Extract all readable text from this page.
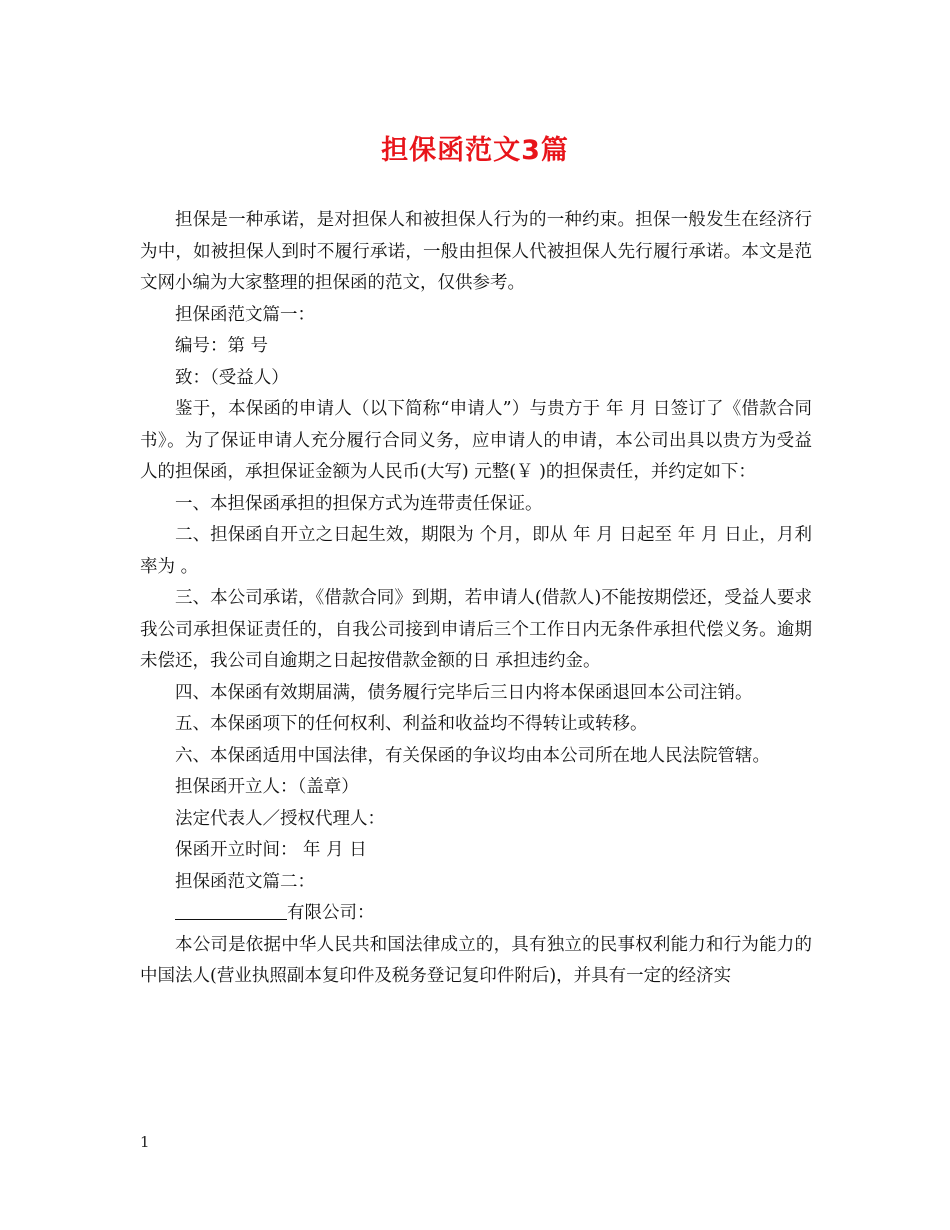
担保函范文3篇

担保是一种承诺，是对担保人和被担保人行为的一种约束。担保一般发生在经济行为中，如被担保人到时不履行承诺，一般由担保人代被担保人先行履行承诺。本文是范文网小编为大家整理的担保函的范文，仅供参考。

担保函范文篇一：

编号：第 号

致：（受益人）

鉴于，本保函的申请人（以下简称“申请人”）与贵方于 年 月 日签订了《借款合同书》。为了保证申请人充分履行合同义务，应申请人的申请，本公司出具以贵方为受益人的担保函，承担保证金额为人民币(大写) 元整(￥ )的担保责任，并约定如下：

一、本担保函承担的担保方式为连带责任保证。

二、担保函自开立之日起生效，期限为 个月，即从 年 月 日起至 年 月 日止，月利率为 。

三、本公司承诺，《借款合同》到期，若申请人(借款人)不能按期偿还，受益人要求我公司承担保证责任的，自我公司接到申请后三个工作日内无条件承担代偿义务。逾期未偿还，我公司自逾期之日起按借款金额的日 承担违约金。

四、本保函有效期届满，债务履行完毕后三日内将本保函退回本公司注销。

五、本保函项下的任何权利、利益和收益均不得转让或转移。

六、本保函适用中国法律，有关保函的争议均由本公司所在地人民法院管辖。

担保函开立人：（盖章）

法定代表人／授权代理人：

保函开立时间： 年 月 日

担保函范文篇二：

有限公司：

本公司是依据中华人民共和国法律成立的，具有独立的民事权利能力和行为能力的中国法人(营业执照副本复印件及税务登记复印件附后)，并具有一定的经济实

1
